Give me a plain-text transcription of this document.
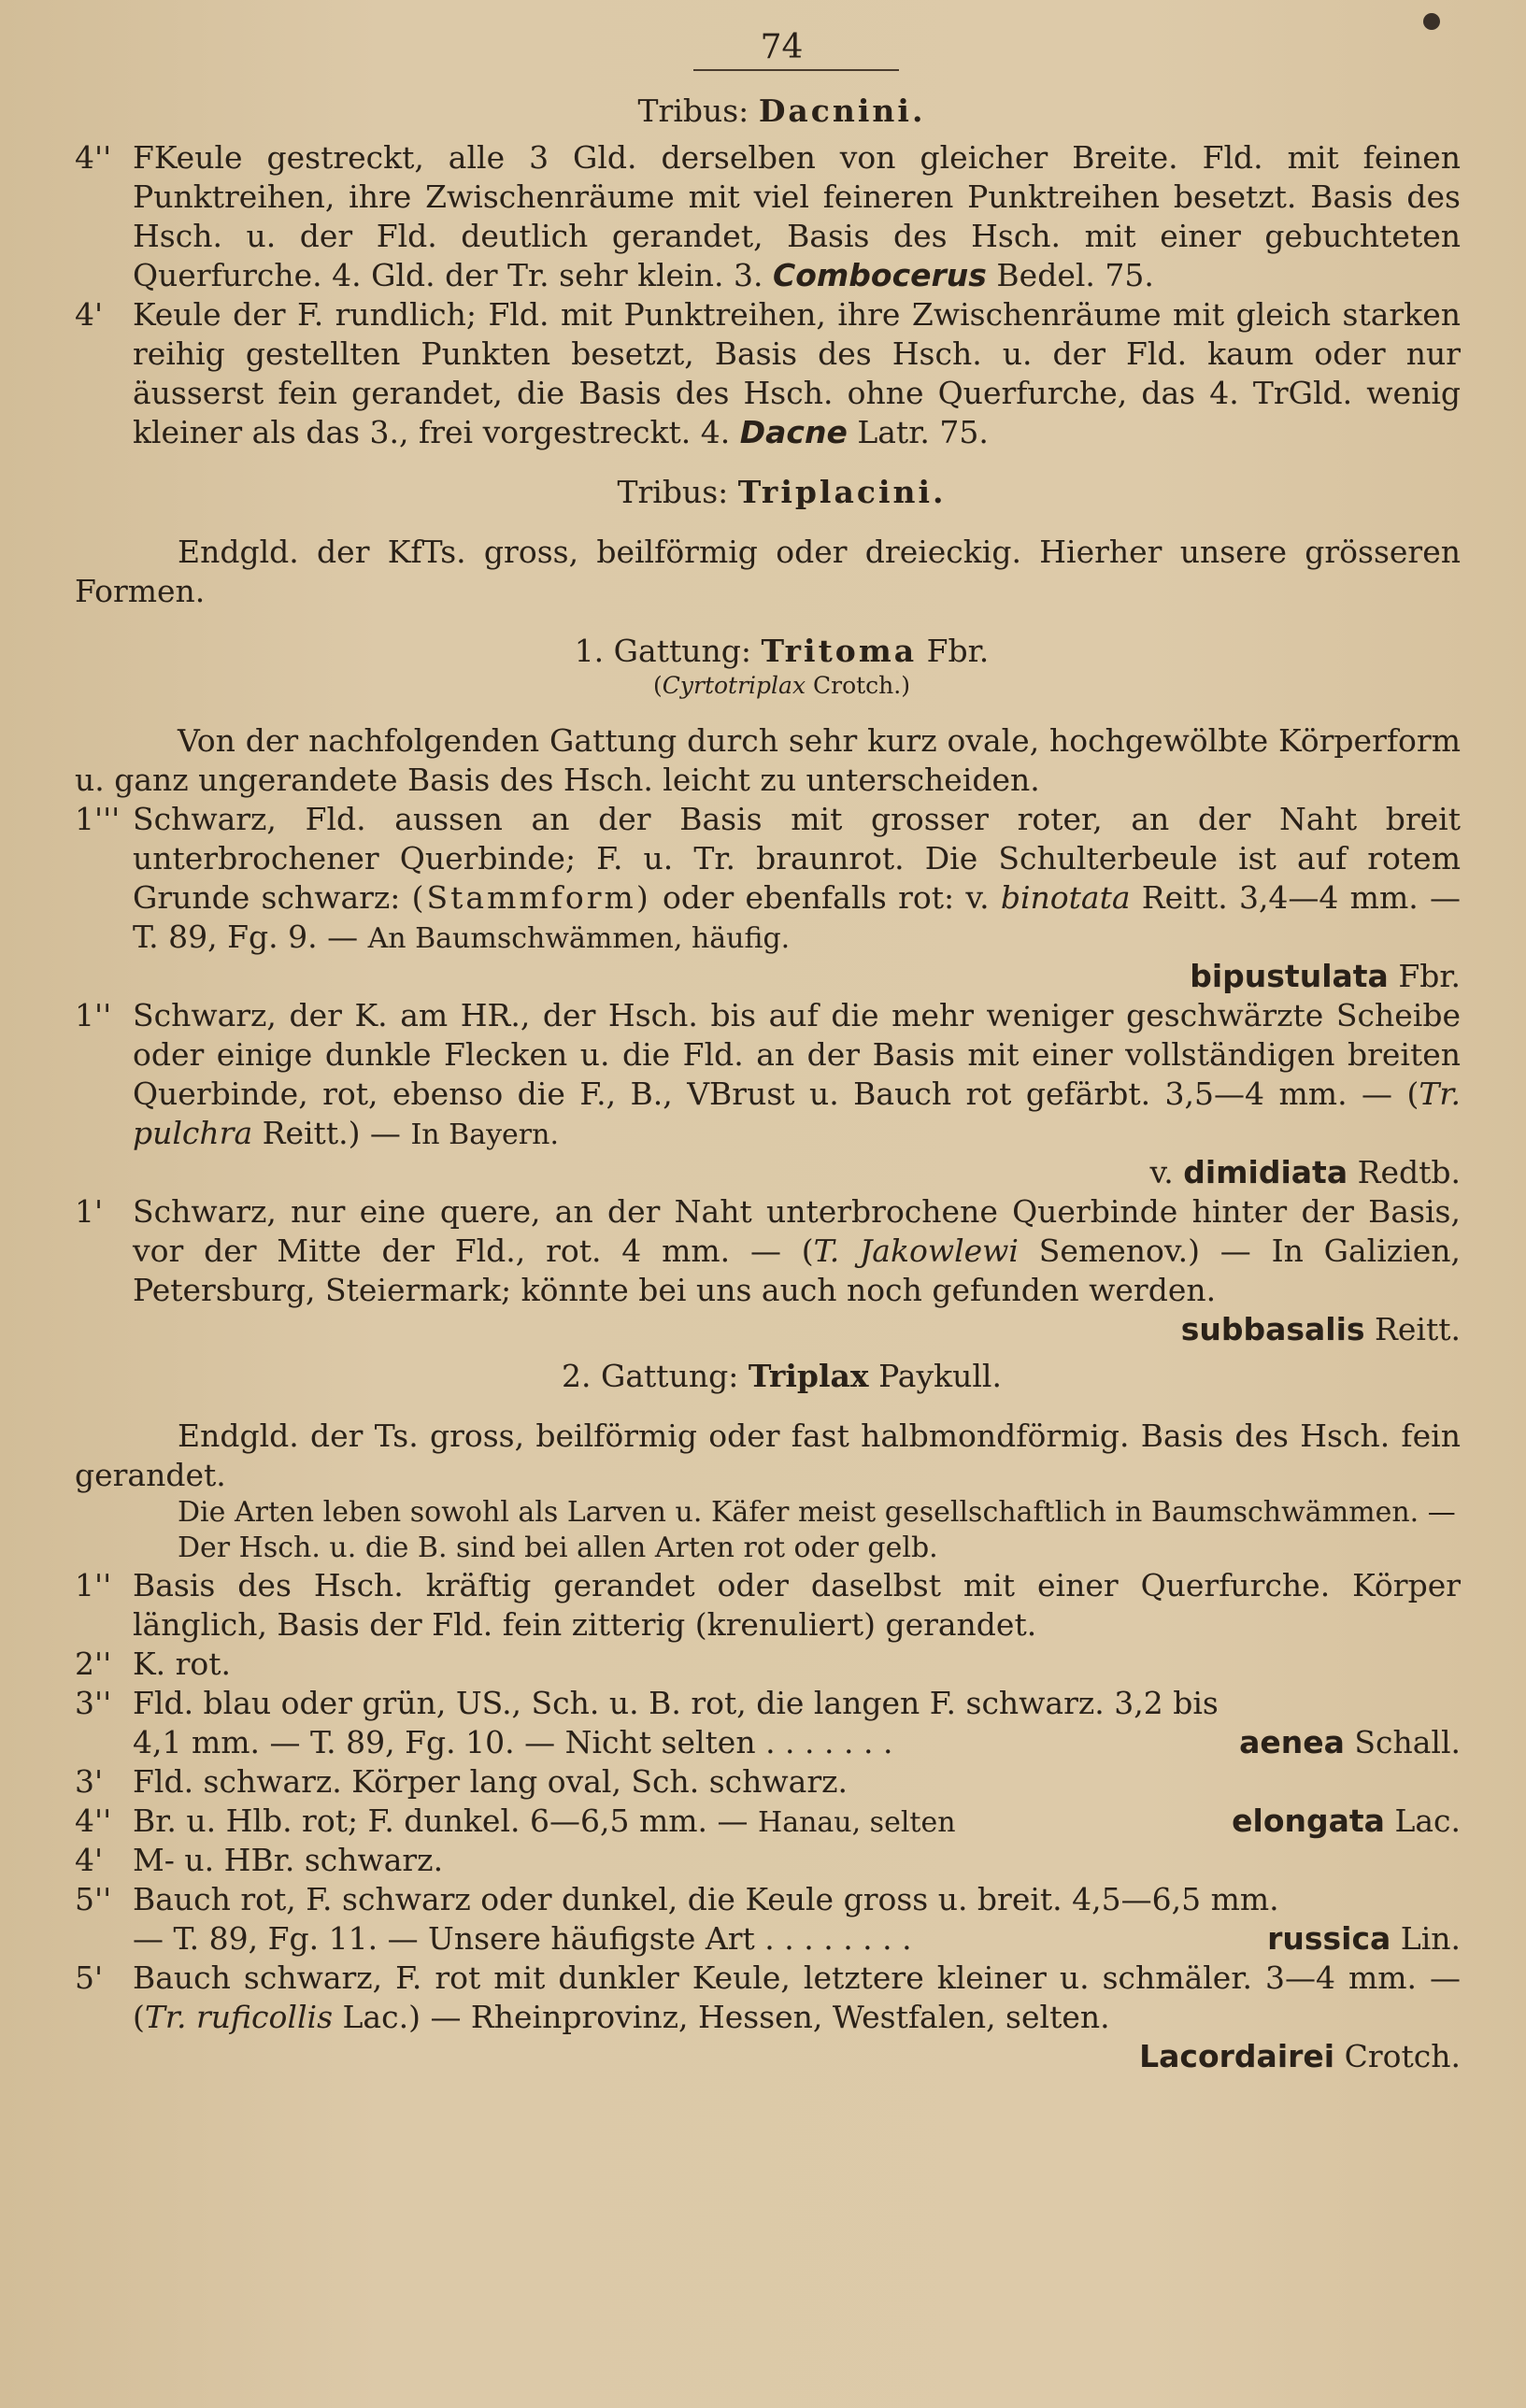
74
Tribus: Dacnini.
4'' FKeule gestreckt, alle 3 Gld. derselben von gleicher Breite. Fld. mit feinen Punktreihen, ihre Zwischenräume mit viel feineren Punktreihen besetzt. Basis des Hsch. u. der Fld. deutlich gerandet, Basis des Hsch. mit einer gebuchteten Querfurche. 4. Gld. der Tr. sehr klein. 3. Combocerus Bedel. 75.
4' Keule der F. rundlich; Fld. mit Punktreihen, ihre Zwischenräume mit gleich starken reihig gestellten Punkten besetzt, Basis des Hsch. u. der Fld. kaum oder nur äusserst fein gerandet, die Basis des Hsch. ohne Querfurche, das 4. TrGld. wenig kleiner als das 3., frei vorgestreckt. 4. Dacne Latr. 75.
Tribus: Triplacini.
Endgld. der KfTs. gross, beilförmig oder dreieckig. Hierher unsere grösseren Formen.
1. Gattung: Tritoma Fbr.
(Cyrtotriplax Crotch.)
Von der nachfolgenden Gattung durch sehr kurz ovale, hochgewölbte Körperform u. ganz ungerandete Basis des Hsch. leicht zu unterscheiden.
1''' Schwarz, Fld. aussen an der Basis mit grosser roter, an der Naht breit unterbrochener Querbinde; F. u. Tr. braunrot. Die Schulterbeule ist auf rotem Grunde schwarz: (Stammform) oder ebenfalls rot: v. binotata Reitt. 3,4—4 mm. — T. 89, Fg. 9. — An Baumschwämmen, häufig.
bipustulata Fbr.
1'' Schwarz, der K. am HR., der Hsch. bis auf die mehr weniger geschwärzte Scheibe oder einige dunkle Flecken u. die Fld. an der Basis mit einer vollständigen breiten Querbinde, rot, ebenso die F., B., VBrust u. Bauch rot gefärbt. 3,5—4 mm. — (Tr. pulchra Reitt.) — In Bayern.
v. dimidiata Redtb.
1' Schwarz, nur eine quere, an der Naht unterbrochene Querbinde hinter der Basis, vor der Mitte der Fld., rot. 4 mm. — (T. Jakowlewi Semenov.) — In Galizien, Petersburg, Steiermark; könnte bei uns auch noch gefunden werden.
subbasalis Reitt.
2. Gattung: Triplax Paykull.
Endgld. der Ts. gross, beilförmig oder fast halbmondförmig. Basis des Hsch. fein gerandet.
Die Arten leben sowohl als Larven u. Käfer meist gesellschaftlich in Baumschwämmen. —
Der Hsch. u. die B. sind bei allen Arten rot oder gelb.
1'' Basis des Hsch. kräftig gerandet oder daselbst mit einer Querfurche. Körper länglich, Basis der Fld. fein zitterig (krenuliert) gerandet.
2'' K. rot.
3'' Fld. blau oder grün, US., Sch. u. B. rot, die langen F. schwarz. 3,2 bis
4,1 mm. — T. 89, Fg. 10. — Nicht selten . . . . . . .	aenea Schall.
3' Fld. schwarz. Körper lang oval, Sch. schwarz.
4'' Br. u. Hlb. rot; F. dunkel. 6—6,5 mm. — Hanau, selten	elongata Lac.
4' M- u. HBr. schwarz.
5'' Bauch rot, F. schwarz oder dunkel, die Keule gross u. breit. 4,5—6,5 mm.
— T. 89, Fg. 11. — Unsere häufigste Art . . . . . . . .	russica Lin.
5' Bauch schwarz, F. rot mit dunkler Keule, letztere kleiner u. schmäler. 3—4 mm. — (Tr. ruficollis Lac.) — Rheinprovinz, Hessen, Westfalen, selten.
Lacordairei Crotch.
